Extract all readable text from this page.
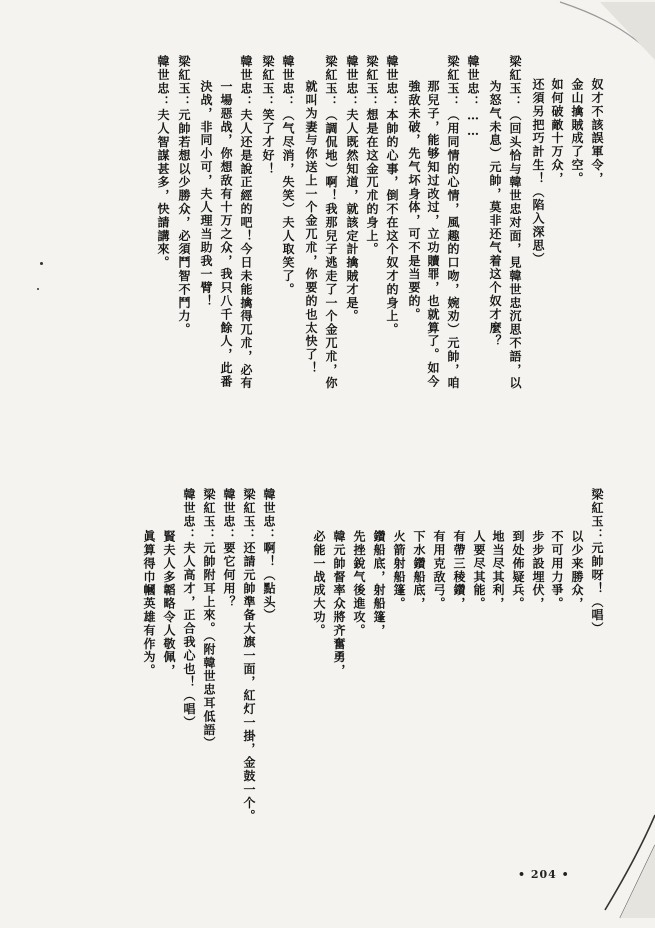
奴才不該誤軍令，
金山擒賊成了空。
如何破敵十万众，
还須另把巧計生！（陷入深思）
梁紅玉：（回头恰与韓世忠对面，見韓世忠沉思不語，以
为怒气未息）元帥，莫非还气着这个奴才麼？
韓世忠：……
梁紅玉：（用同情的心情，風趣的口吻，婉劝）元帥，咱
那兒子，能够知过改过，立功贖罪，也就算了。如今
強敌未破，先气坏身体，可不是当要的。
韓世忠：本帥的心事，倒不在这个奴才的身上。
梁紅玉：想是在这金兀朮的身上。
韓世忠：夫人既然知道，就該定計擒賊才是。
梁紅玉：（調侃地）啊！我那兒子逃走了一个金兀朮，你
就叫为妻与你送上一个金兀朮，你要的也太快了！
韓世忠：（气尽消，失笑）夫人取笑了。
梁紅玉：笑了才好！
韓世忠：夫人还是說正經的吧！今日未能擒得兀朮，必有
一場惡战，你想敌有十万之众，我只八千餘人，此番
決战，非同小可，夫人理当助我一臂！
梁紅玉：元帥若想以少勝众，必須鬥智不鬥力。
韓世忠：夫人智謀甚多，快請講來。
梁紅玉：元帥呀！（唱）
以少来勝众，
不可用力爭。
步步設埋伏，
到处佈疑兵。
地当尽其利，
人要尽其能。
有帶三稜鑽，
有用克敌弓。
下水鑽船底，
火箭射船篷。
鑽船底，射船篷，
先挫銳气後進攻。
韓元帥督率众將齐奮勇，
必能一战成大功。
韓世忠：啊！（點头）
梁紅玉：还請元帥準备大旗一面，紅灯一掛，金鼓一个。
韓世忠：要它何用？
梁紅玉：元帥附耳上來。（附韓世忠耳低語）
韓世忠：夫人高才，正合我心也！（唱）
賢夫人多韜略令人敬佩，
眞算得巾幗英雄有作为。
• 204 •
